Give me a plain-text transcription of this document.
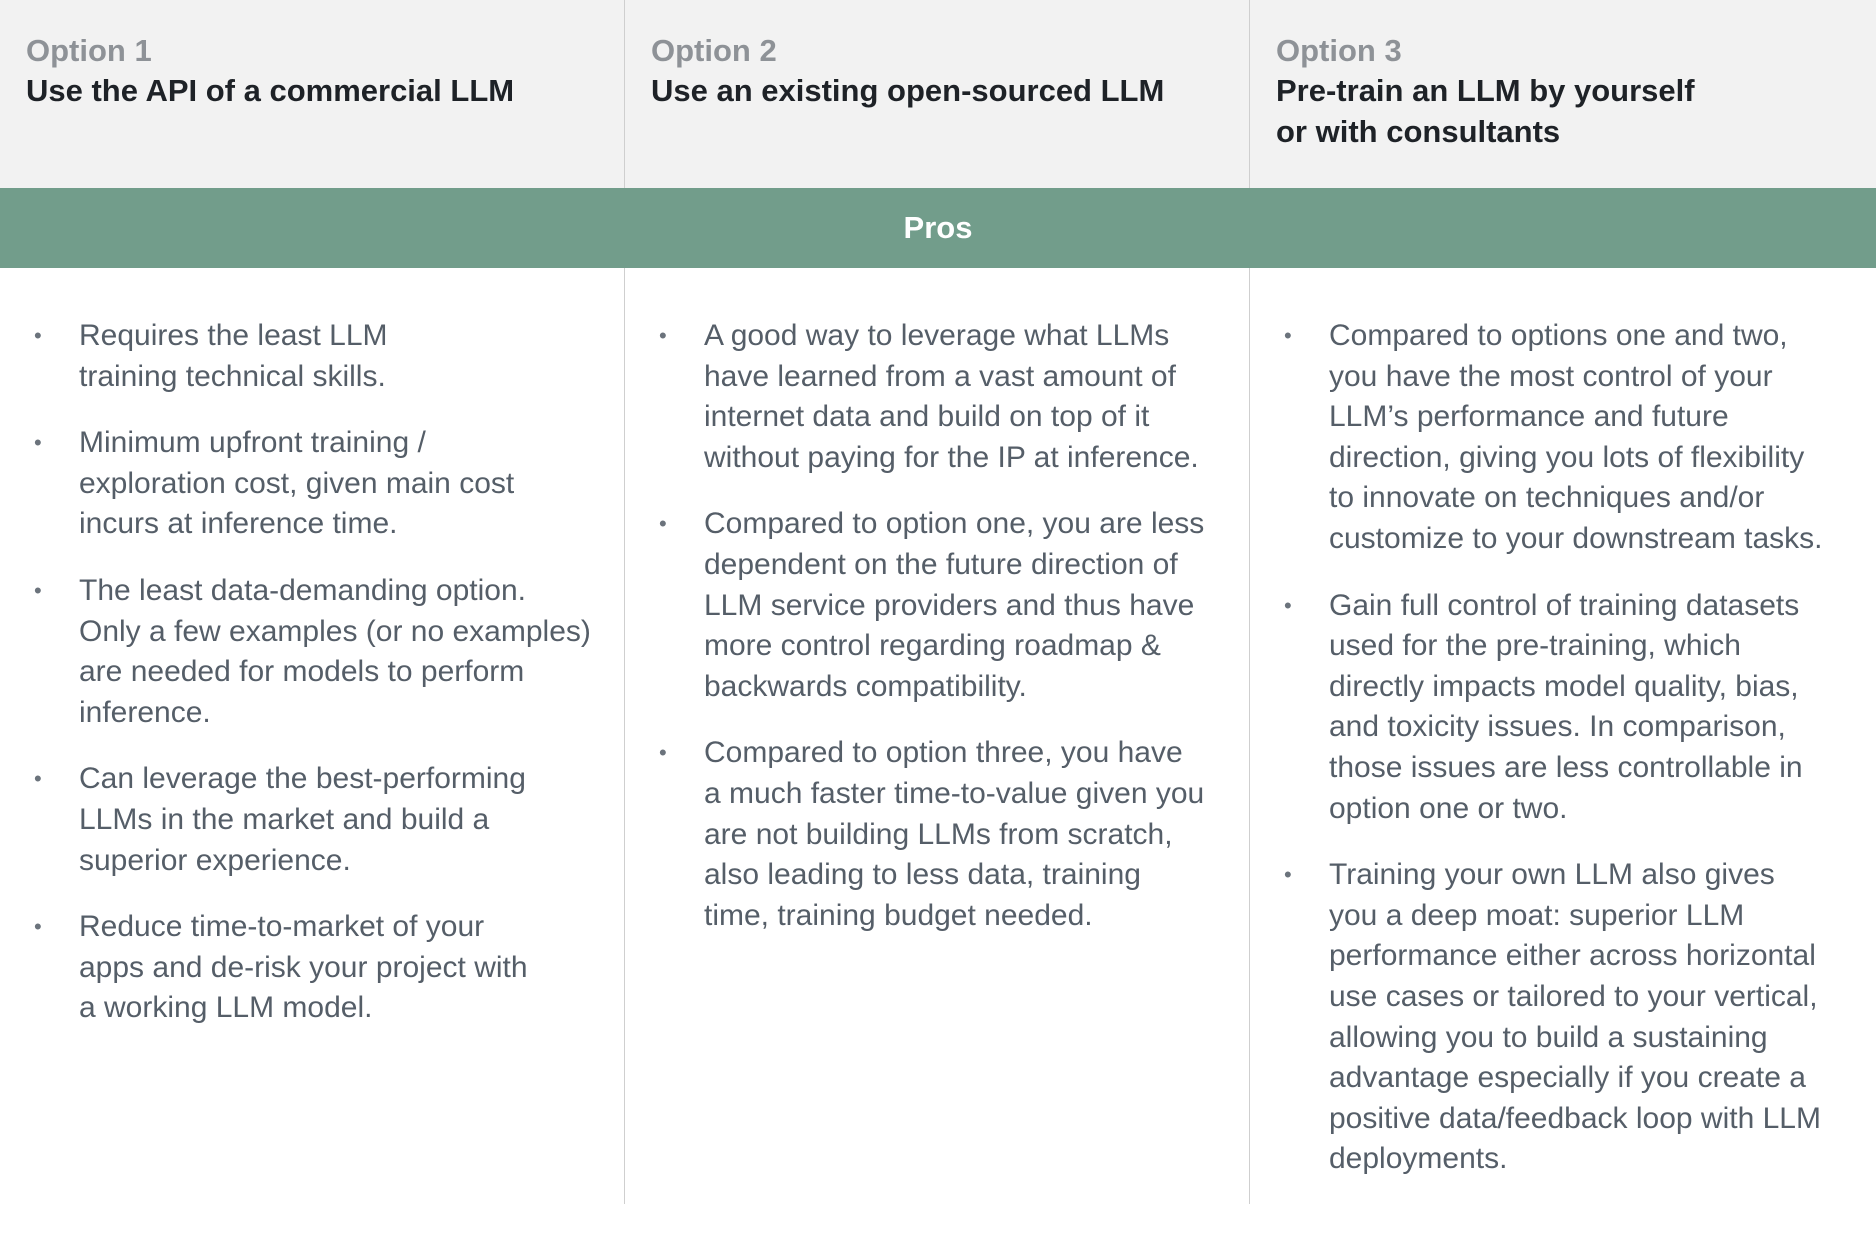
Option 1
Use the API of a commercial LLM
Option 2
Use an existing open-sourced LLM
Option 3
Pre-train an LLM by yourself
or with consultants
Pros
• Requires the least LLM
training technical skills.
• Minimum upfront training /
exploration cost, given main cost
incurs at inference time.
• The least data-demanding option.
Only a few examples (or no examples)
are needed for models to perform
inference.
• Can leverage the best-performing
LLMs in the market and build a
superior experience.
• Reduce time-to-market of your
apps and de-risk your project with
a working LLM model.
• A good way to leverage what LLMs
have learned from a vast amount of
internet data and build on top of it
without paying for the IP at inference.
• Compared to option one, you are less
dependent on the future direction of
LLM service providers and thus have
more control regarding roadmap &
backwards compatibility.
• Compared to option three, you have
a much faster time-to-value given you
are not building LLMs from scratch,
also leading to less data, training
time, training budget needed.
• Compared to options one and two,
you have the most control of your
LLM’s performance and future
direction, giving you lots of flexibility
to innovate on techniques and/or
customize to your downstream tasks.
• Gain full control of training datasets
used for the pre-training, which
directly impacts model quality, bias,
and toxicity issues. In comparison,
those issues are less controllable in
option one or two.
• Training your own LLM also gives
you a deep moat: superior LLM
performance either across horizontal
use cases or tailored to your vertical,
allowing you to build a sustaining
advantage especially if you create a
positive data/feedback loop with LLM
deployments.
